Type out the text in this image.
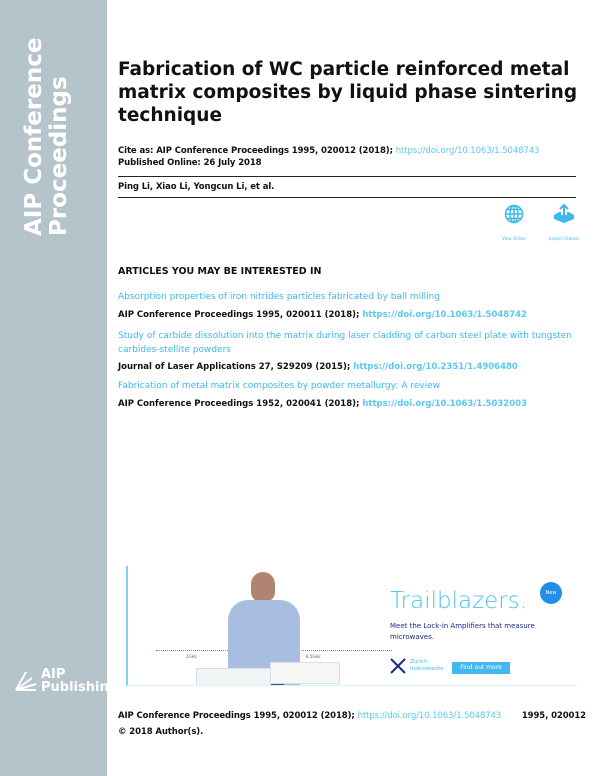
AIP Conference Proceedings
AIP
Publishing
Fabrication of WC particle reinforced metal matrix composites by liquid phase sintering technique
Cite as: AIP Conference Proceedings 1995, 020012 (2018); https://doi.org/10.1063/1.5048743
Published Online: 26 July 2018
Ping Li, Xiao Li, Yongcun Li, et al.
View Online	Export Citation
ARTICLES YOU MAY BE INTERESTED IN
Absorption properties of iron nitrides particles fabricated by ball milling
AIP Conference Proceedings 1995, 020011 (2018); https://doi.org/10.1063/1.5048742
Study of carbide dissolution into the matrix during laser cladding of carbon steel plate with tungsten carbides-stellite powders
Journal of Laser Applications 27, S29209 (2015); https://doi.org/10.2351/1.4906480
Fabrication of metal matrix composites by powder metallurgy: A review
AIP Conference Proceedings 1952, 020041 (2018); https://doi.org/10.1063/1.5032003
2GHz	8.5GHz
Trailblazers.	New
Meet the Lock-in Amplifiers that measure microwaves.
Zurich
Instruments	Find out more
AIP Conference Proceedings 1995, 020012 (2018); https://doi.org/10.1063/1.5048743 1995, 020012
© 2018 Author(s).
